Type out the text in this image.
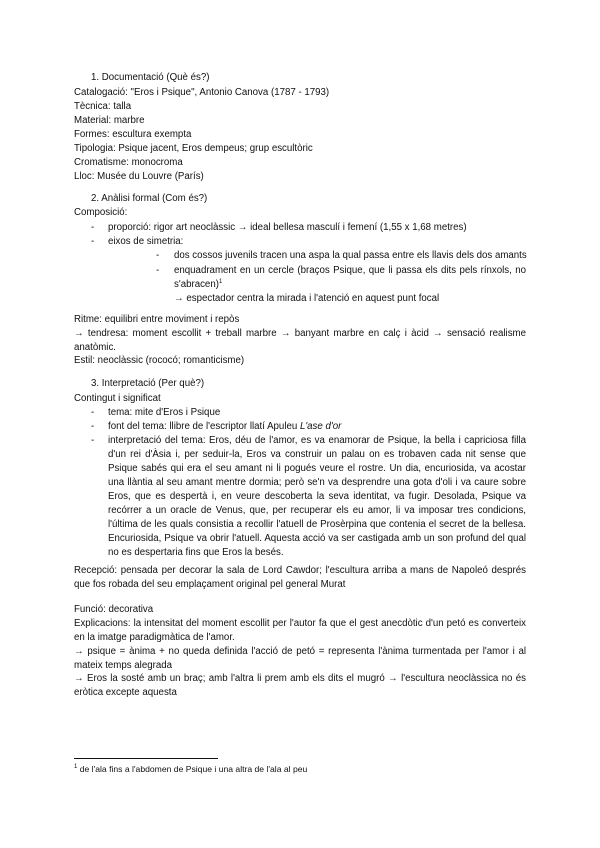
1. Documentació (Què és?)
Catalogació: "Eros i Psique", Antonio Canova (1787 - 1793)
Tècnica: talla
Material: marbre
Formes: escultura exempta
Tipologia: Psique jacent, Eros dempeus; grup escultòric
Cromatisme: monocroma
Lloc: Musée du Louvre (París)
2. Anàlisi formal (Com és?)
Composició:
- proporció: rigor art neoclàssic → ideal bellesa masculí i femení (1,55 x 1,68 metres)
- eixos de simetria:
- dos cossos juvenils tracen una aspa la qual passa entre els llavis dels dos amants
- enquadrament en un cercle (braços Psique, que li passa els dits pels rínxols, no s'abracen)$^1$
→ espectador centra la mirada i l'atenció en aquest punt focal
Ritme: equilibri entre moviment i repòs
→ tendresa: moment escollit + treball marbre → banyant marbre en calç i àcid → sensació realisme anatòmic.
Estil: neoclàssic (rococó; romanticisme)
3. Interpretació (Per què?)
Contingut i significat
- tema: mite d'Eros i Psique
- font del tema: llibre de l'escriptor llatí Apuleu L'ase d'or
- interpretació del tema: Eros, déu de l'amor, es va enamorar de Psique, la bella i capriciosa filla d'un rei d'Àsia i, per seduir-la, Eros va construir un palau on es trobaven cada nit sense que Psique sabés qui era el seu amant ni li pogués veure el rostre. Un dia, encuriosida, va acostar una llàntia al seu amant mentre dormia; però se'n va desprendre una gota d'oli i va caure sobre Eros, que es despertà i, en veure descoberta la seva identitat, va fugir. Desolada, Psique va recórrer a un oracle de Venus, que, per recuperar els eu amor, li va imposar tres condicions, l'última de les quals consistia a recollir l'atuell de Prosèrpina que contenia el secret de la bellesa. Encuriosida, Psique va obrir l'atuell. Aquesta acció va ser castigada amb un son profund del qual no es despertaria fins que Eros la besés.
Recepció: pensada per decorar la sala de Lord Cawdor; l'escultura arriba a mans de Napoleó després que fos robada del seu emplaçament original pel general Murat
Funció: decorativa
Explicacions: la intensitat del moment escollit per l'autor fa que el gest anecdòtic d'un petó es converteix en la imatge paradigmàtica de l'amor.
→ psique = ànima + no queda definida l'acció de petó = representa l'ànima turmentada per l'amor i al mateix temps alegrada
→ Eros la sosté amb un braç; amb l'altra li prem amb els dits el mugró → l'escultura neoclàssica no és eròtica excepte aquesta
$^1$ de l'ala fins a l'abdomen de Psique i una altra de l'ala al peu
